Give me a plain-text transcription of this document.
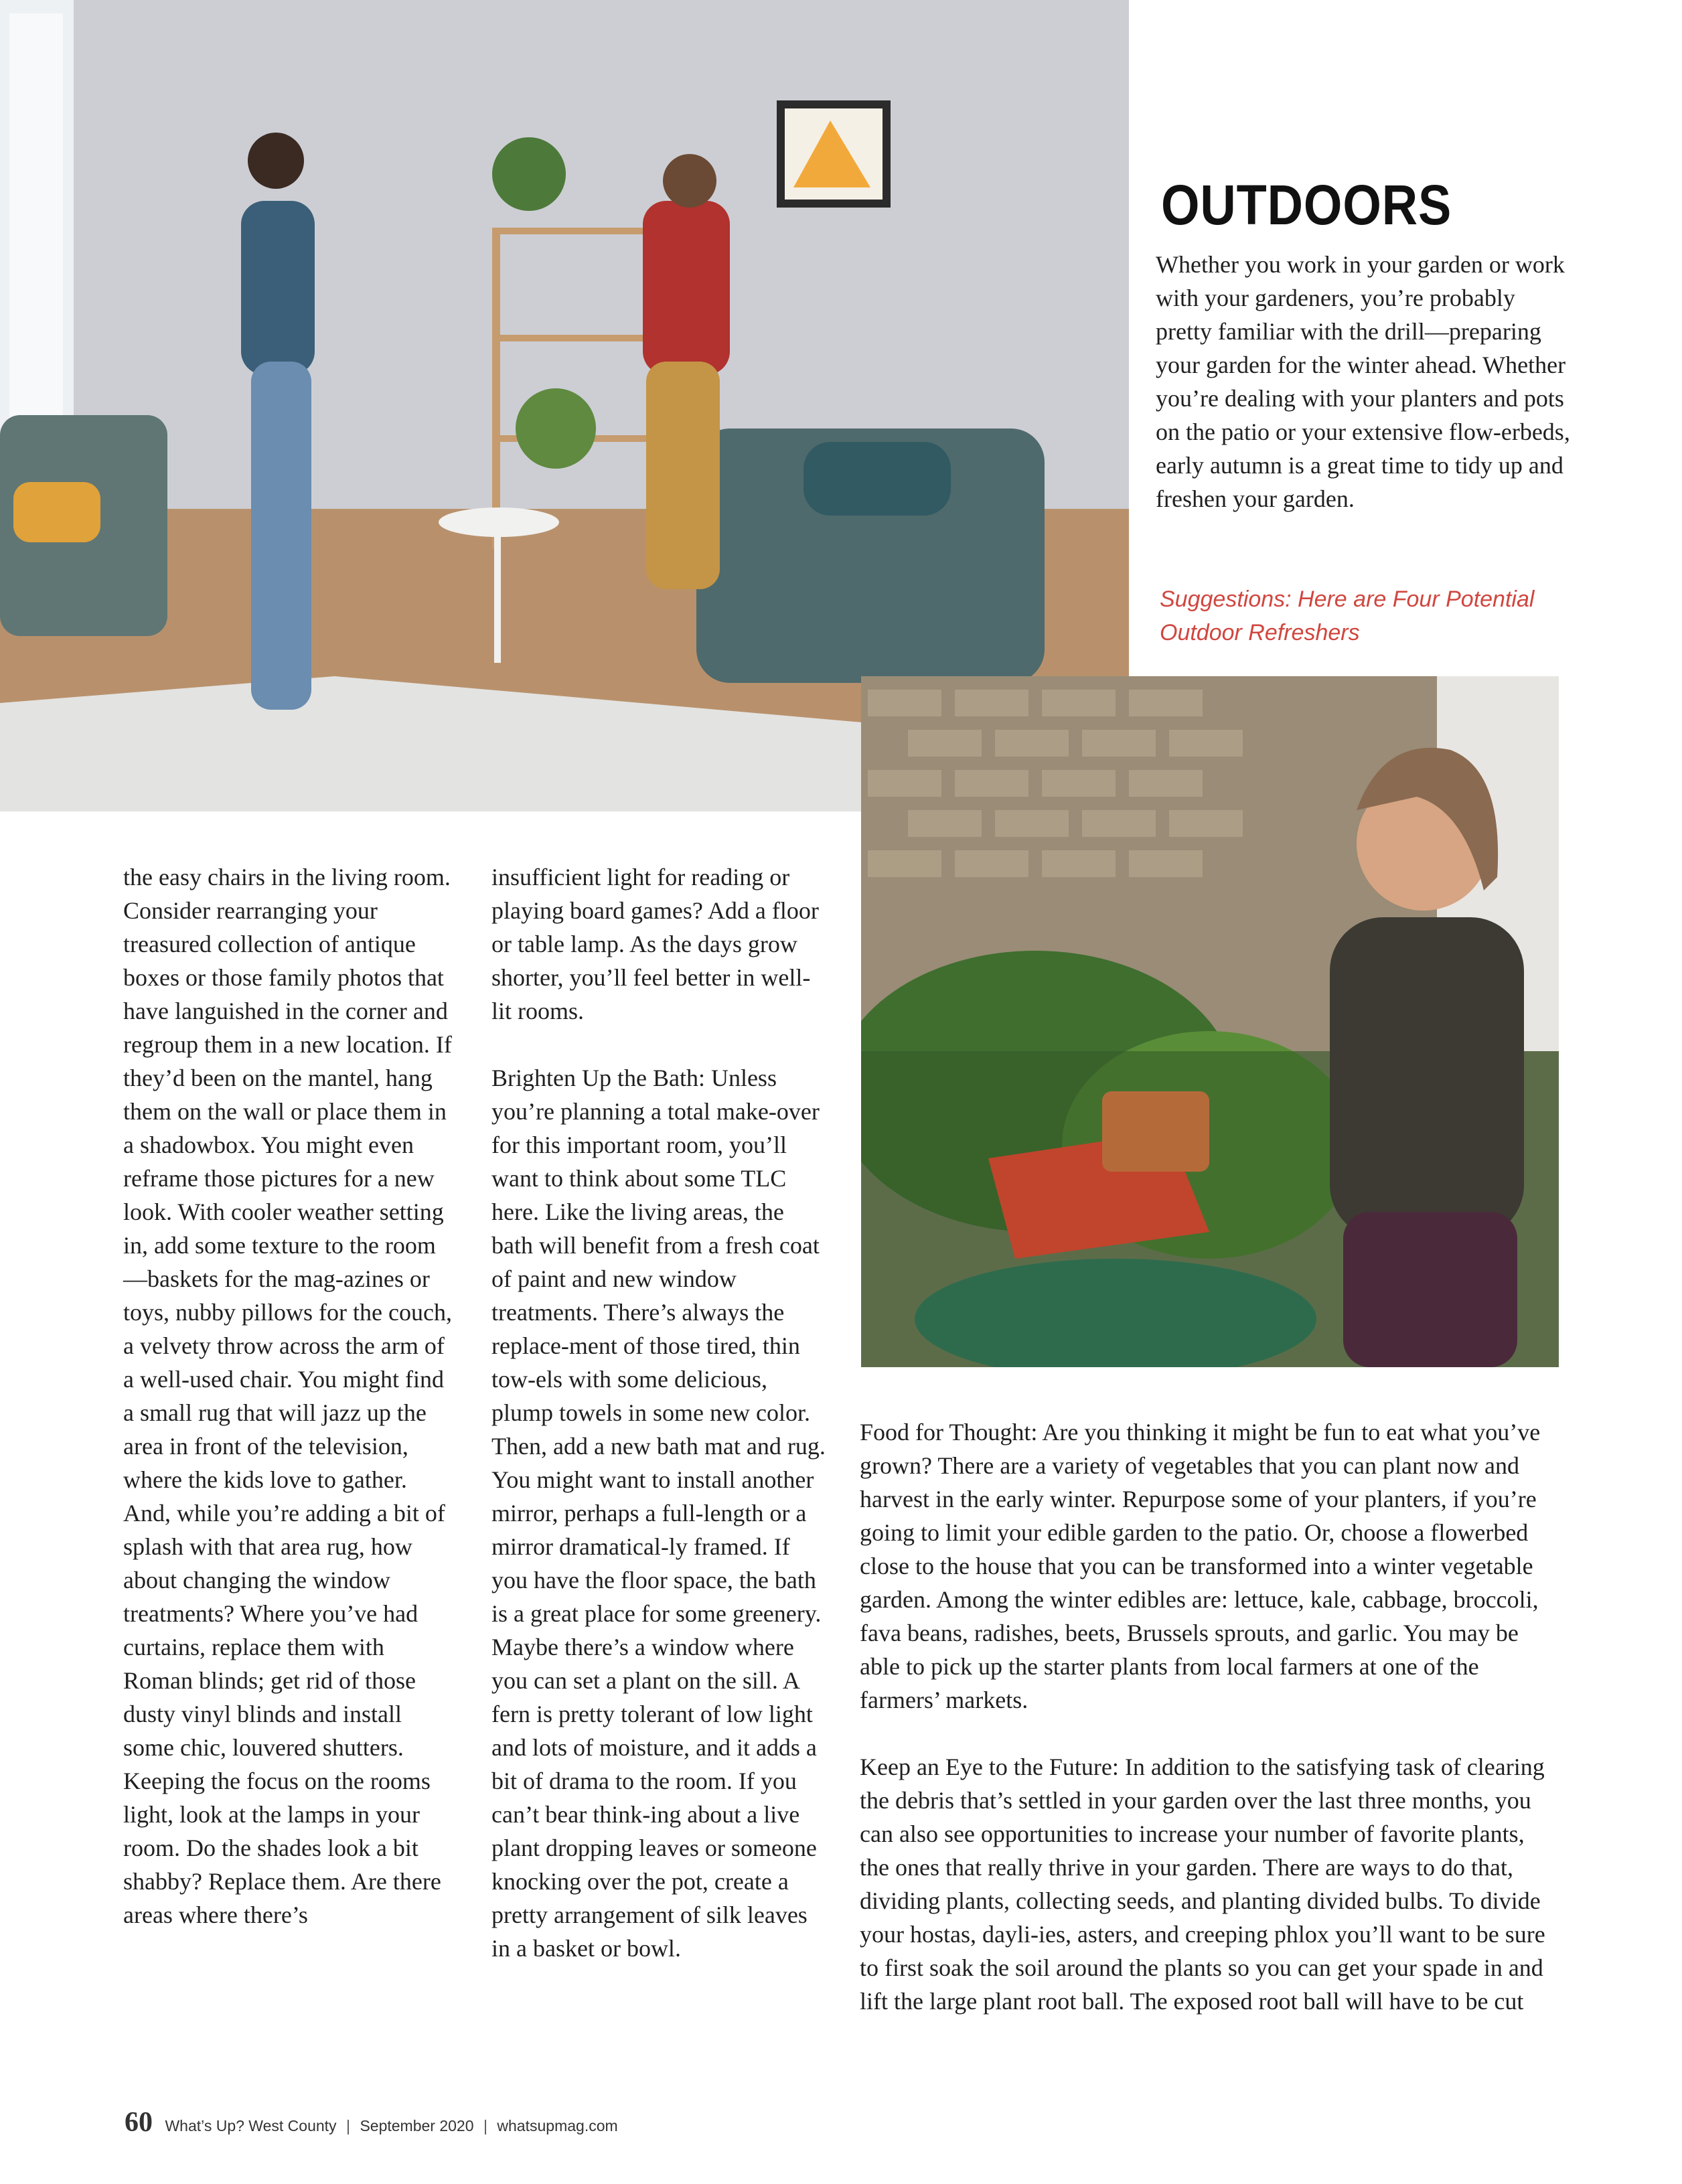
OUTDOORS

Whether you work in your garden or work with your gardeners, you’re probably pretty familiar with the drill—preparing your garden for the winter ahead. Whether you’re dealing with your planters and pots on the patio or your extensive flow-erbeds, early autumn is a great time to tidy up and freshen your garden.

Suggestions: Here are Four Potential Outdoor Refreshers

the easy chairs in the living room. Consider rearranging your treasured collection of antique boxes or those family photos that have languished in the corner and regroup them in a new location. If they’d been on the mantel, hang them on the wall or place them in a shadowbox. You might even reframe those pictures for a new look. With cooler weather setting in, add some texture to the room—baskets for the mag-azines or toys, nubby pillows for the couch, a velvety throw across the arm of a well-used chair. You might find a small rug that will jazz up the area in front of the television, where the kids love to gather. And, while you’re adding a bit of splash with that area rug, how about changing the window treatments? Where you’ve had curtains, replace them with Roman blinds; get rid of those dusty vinyl blinds and install some chic, louvered shutters. Keeping the focus on the rooms light, look at the lamps in your room. Do the shades look a bit shabby? Replace them. Are there areas where there’s

insufficient light for reading or playing board games? Add a floor or table lamp. As the days grow shorter, you’ll feel better in well-lit rooms.

Brighten Up the Bath: Unless you’re planning a total make-over for this important room, you’ll want to think about some TLC here. Like the living areas, the bath will benefit from a fresh coat of paint and new window treatments. There’s always the replace-ment of those tired, thin tow-els with some delicious, plump towels in some new color. Then, add a new bath mat and rug. You might want to install another mirror, perhaps a full-length or a mirror dramatical-ly framed. If you have the floor space, the bath is a great place for some greenery. Maybe there’s a window where you can set a plant on the sill. A fern is pretty tolerant of low light and lots of moisture, and it adds a bit of drama to the room. If you can’t bear think-ing about a live plant dropping leaves or someone knocking over the pot, create a pretty arrangement of silk leaves in a basket or bowl.

Food for Thought: Are you thinking it might be fun to eat what you’ve grown? There are a variety of vegetables that you can plant now and harvest in the early winter. Repurpose some of your planters, if you’re going to limit your edible garden to the patio. Or, choose a flowerbed close to the house that you can be transformed into a winter vegetable garden. Among the winter edibles are: lettuce, kale, cabbage, broccoli, fava beans, radishes, beets, Brussels sprouts, and garlic. You may be able to pick up the starter plants from local farmers at one of the farmers’ markets.

Keep an Eye to the Future: In addition to the satisfying task of clearing the debris that’s settled in your garden over the last three months, you can also see opportunities to increase your number of favorite plants, the ones that really thrive in your garden. There are ways to do that, dividing plants, collecting seeds, and planting divided bulbs. To divide your hostas, dayli-ies, asters, and creeping phlox you’ll want to be sure to first soak the soil around the plants so you can get your spade in and lift the large plant root ball. The exposed root ball will have to be cut

60 What’s Up? West County | September 2020 | whatsupmag.com
